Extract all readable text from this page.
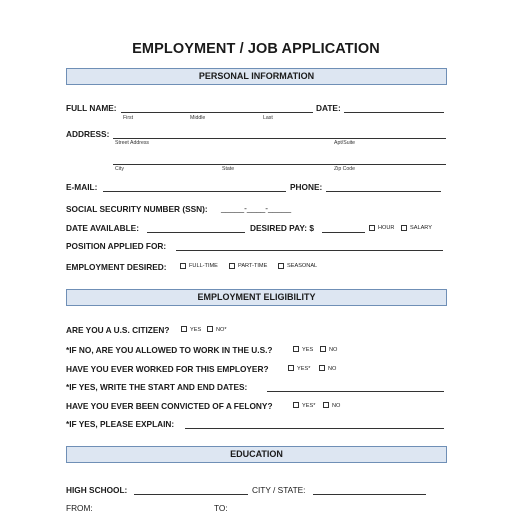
EMPLOYMENT / JOB APPLICATION
PERSONAL INFORMATION
FULL NAME:
First	Middle	Last
DATE:
ADDRESS:
Street Address	Apt/Suite
City	State	Zip Code
E-MAIL:	PHONE:
SOCIAL SECURITY NUMBER (SSN): _____-____-_____
DATE AVAILABLE:	DESIRED PAY: $	HOUR	SALARY
POSITION APPLIED FOR:
EMPLOYMENT DESIRED:	FULL-TIME	PART-TIME	SEASONAL
EMPLOYMENT ELIGIBILITY
ARE YOU A U.S. CITIZEN?	YES	NO*
*IF NO, ARE YOU ALLOWED TO WORK IN THE U.S.?	YES	NO
HAVE YOU EVER WORKED FOR THIS EMPLOYER?	YES*	NO
*IF YES, WRITE THE START AND END DATES:
HAVE YOU EVER BEEN CONVICTED OF A FELONY?	YES*	NO
*IF YES, PLEASE EXPLAIN:
EDUCATION
HIGH SCHOOL:	CITY / STATE:
FROM:	TO:
